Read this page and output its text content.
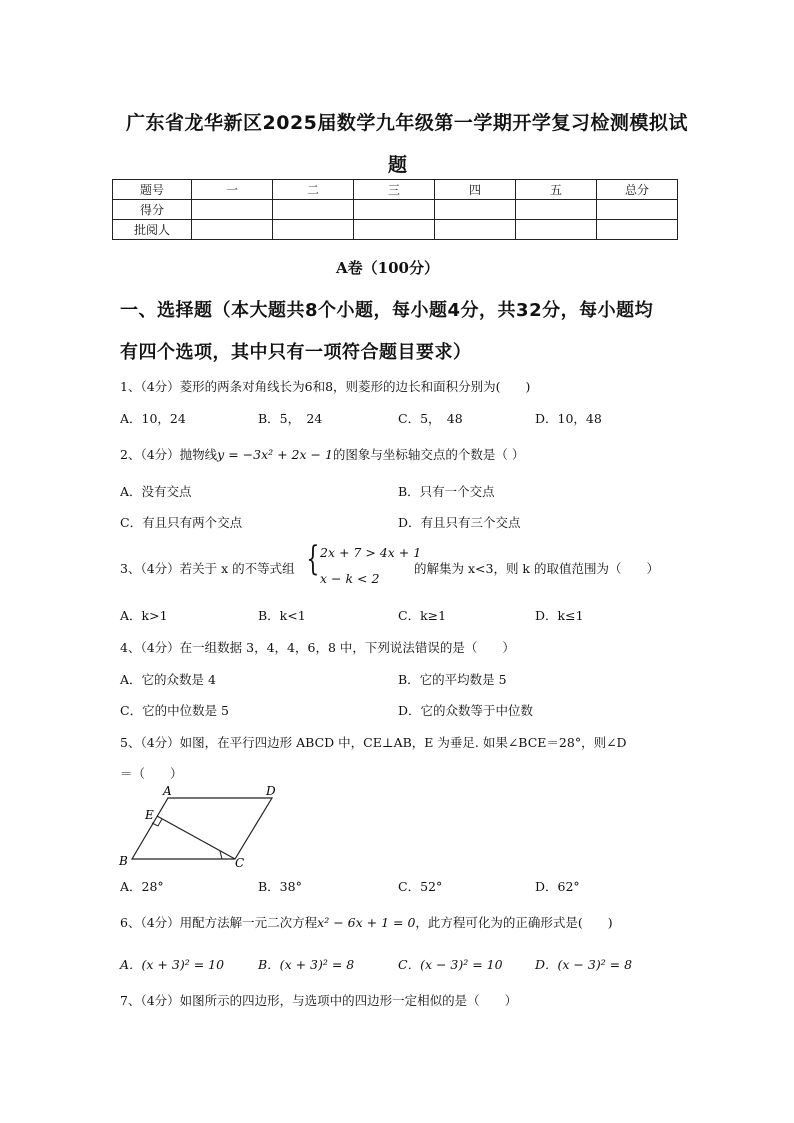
广东省龙华新区2025届数学九年级第一学期开学复习检测模拟试
题
题号	一	二	三	四	五	总分
得分						
批阅人						
A卷（100分）
一、选择题（本大题共8个小题，每小题4分，共32分，每小题均
有四个选项，其中只有一项符合题目要求）
1、（4分）菱形的两条对角线长为6和8，则菱形的边长和面积分别为(　　)
A．10，24	B．5，　24	C．5，　48	D．10，48
2、（4分）抛物线y = −3x² + 2x − 1的图象与坐标轴交点的个数是（ ）
A．没有交点	B．只有一个交点
C．有且只有两个交点	D．有且只有三个交点
3、（4分）若关于 x 的不等式组 { 2x + 7 > 4x + 1
x − k < 2
的解集为 x<3，则 k 的取值范围为（　　）
A．k>1	B．k<1	C．k≥1	D．k≤1
4、（4分）在一组数据 3，4，4，6，8 中，下列说法错误的是（　　）
A．它的众数是 4	B．它的平均数是 5
C．它的中位数是 5	D．它的众数等于中位数
5、（4分）如图，在平行四边形 ABCD 中，CE⊥AB，E 为垂足. 如果∠BCE＝28°，则∠D
＝（　　）
A	D
E
B	C
A．28°	B．38°	C．52°	D．62°
6、（4分）用配方法解一元二次方程x² − 6x + 1 = 0，此方程可化为的正确形式是(　　)
A．(x + 3)² = 10	B．(x + 3)² = 8	C．(x − 3)² = 10	D．(x − 3)² = 8
7、（4分）如图所示的四边形，与选项中的四边形一定相似的是（　　）
